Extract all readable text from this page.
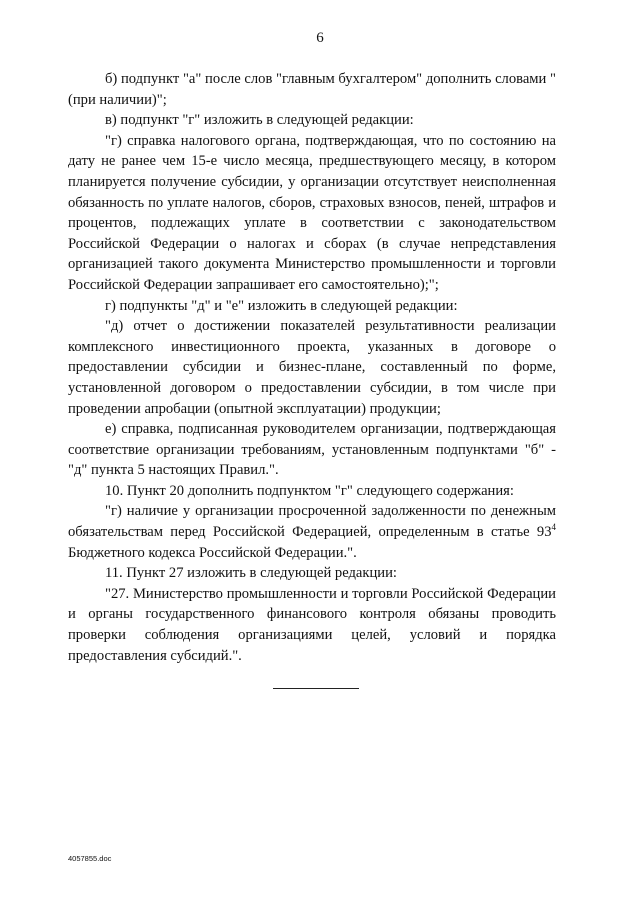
6

б) подпункт "а" после слов "главным бухгалтером" дополнить словами "(при наличии)";

в) подпункт "г" изложить в следующей редакции:

"г) справка налогового органа, подтверждающая, что по состоянию на дату не ранее чем 15-е число месяца, предшествующего месяцу, в котором планируется получение субсидии, у организации отсутствует неисполненная обязанность по уплате налогов, сборов, страховых взносов, пеней, штрафов и процентов, подлежащих уплате в соответствии с законодательством Российской Федерации о налогах и сборах (в случае непредставления организацией такого документа Министерство промышленности и торговли Российской Федерации запрашивает его самостоятельно);";

г) подпункты "д" и "е" изложить в следующей редакции:

"д) отчет о достижении показателей результативности реализации комплексного инвестиционного проекта, указанных в договоре о предоставлении субсидии и бизнес-плане, составленный по форме, установленной договором о предоставлении субсидии, в том числе при проведении апробации (опытной эксплуатации) продукции;

е) справка, подписанная руководителем организации, подтверждающая соответствие организации требованиям, установленным подпунктами "б" - "д" пункта 5 настоящих Правил.".

10. Пункт 20 дополнить подпунктом "г" следующего содержания:

"г) наличие у организации просроченной задолженности по денежным обязательствам перед Российской Федерацией, определенным в статье $93^4$ Бюджетного кодекса Российской Федерации.".

11. Пункт 27 изложить в следующей редакции:

"27. Министерство промышленности и торговли Российской Федерации и органы государственного финансового контроля обязаны проводить проверки соблюдения организациями целей, условий и порядка предоставления субсидий.".

4057855.doc
